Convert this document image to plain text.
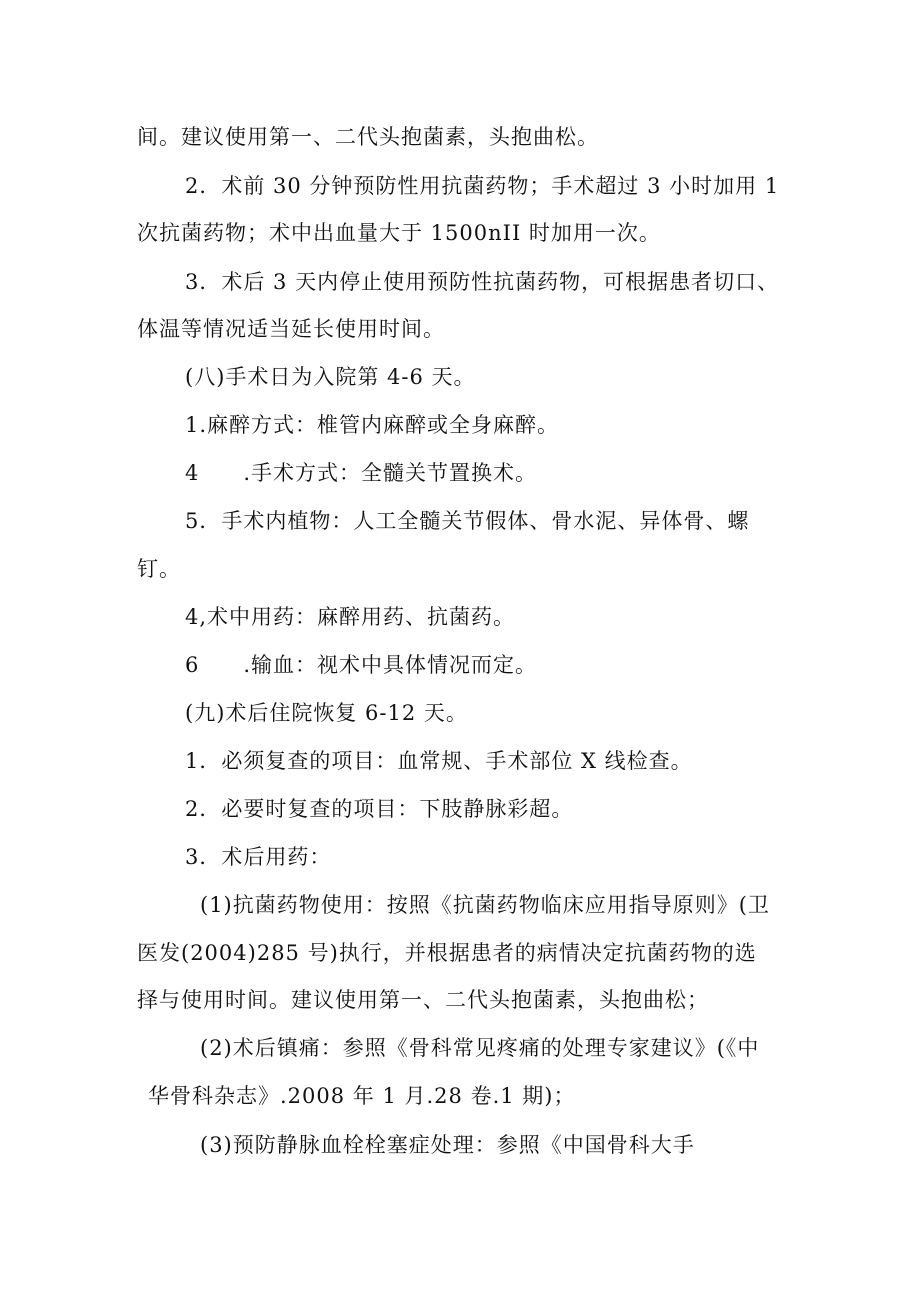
间。建议使用第一、二代头抱菌素，头抱曲松。
2．术前 30 分钟预防性用抗菌药物；手术超过 3 小时加用 1
次抗菌药物；术中出血量大于 1500nII 时加用一次。
3．术后 3 天内停止使用预防性抗菌药物，可根据患者切口、
体温等情况适当延长使用时间。
(八)手术日为入院第 4-6 天。
1.麻醉方式：椎管内麻醉或全身麻醉。
4　　.手术方式：全髓关节置换术。
5．手术内植物：人工全髓关节假体、骨水泥、异体骨、螺
钉。
4,术中用药：麻醉用药、抗菌药。
6　　.输血：视术中具体情况而定。
(九)术后住院恢复 6-12 天。
1．必须复查的项目：血常规、手术部位 X 线检查。
2．必要时复查的项目：下肢静脉彩超。
3．术后用药：
(1)抗菌药物使用：按照《抗菌药物临床应用指导原则》(卫
医发(2004)285 号)执行，并根据患者的病情决定抗菌药物的选
择与使用时间。建议使用第一、二代头抱菌素，头抱曲松；
(2)术后镇痛：参照《骨科常见疼痛的处理专家建议》(《中
华骨科杂志》.2008 年 1 月.28 卷.1 期)；
(3)预防静脉血栓栓塞症处理：参照《中国骨科大手
